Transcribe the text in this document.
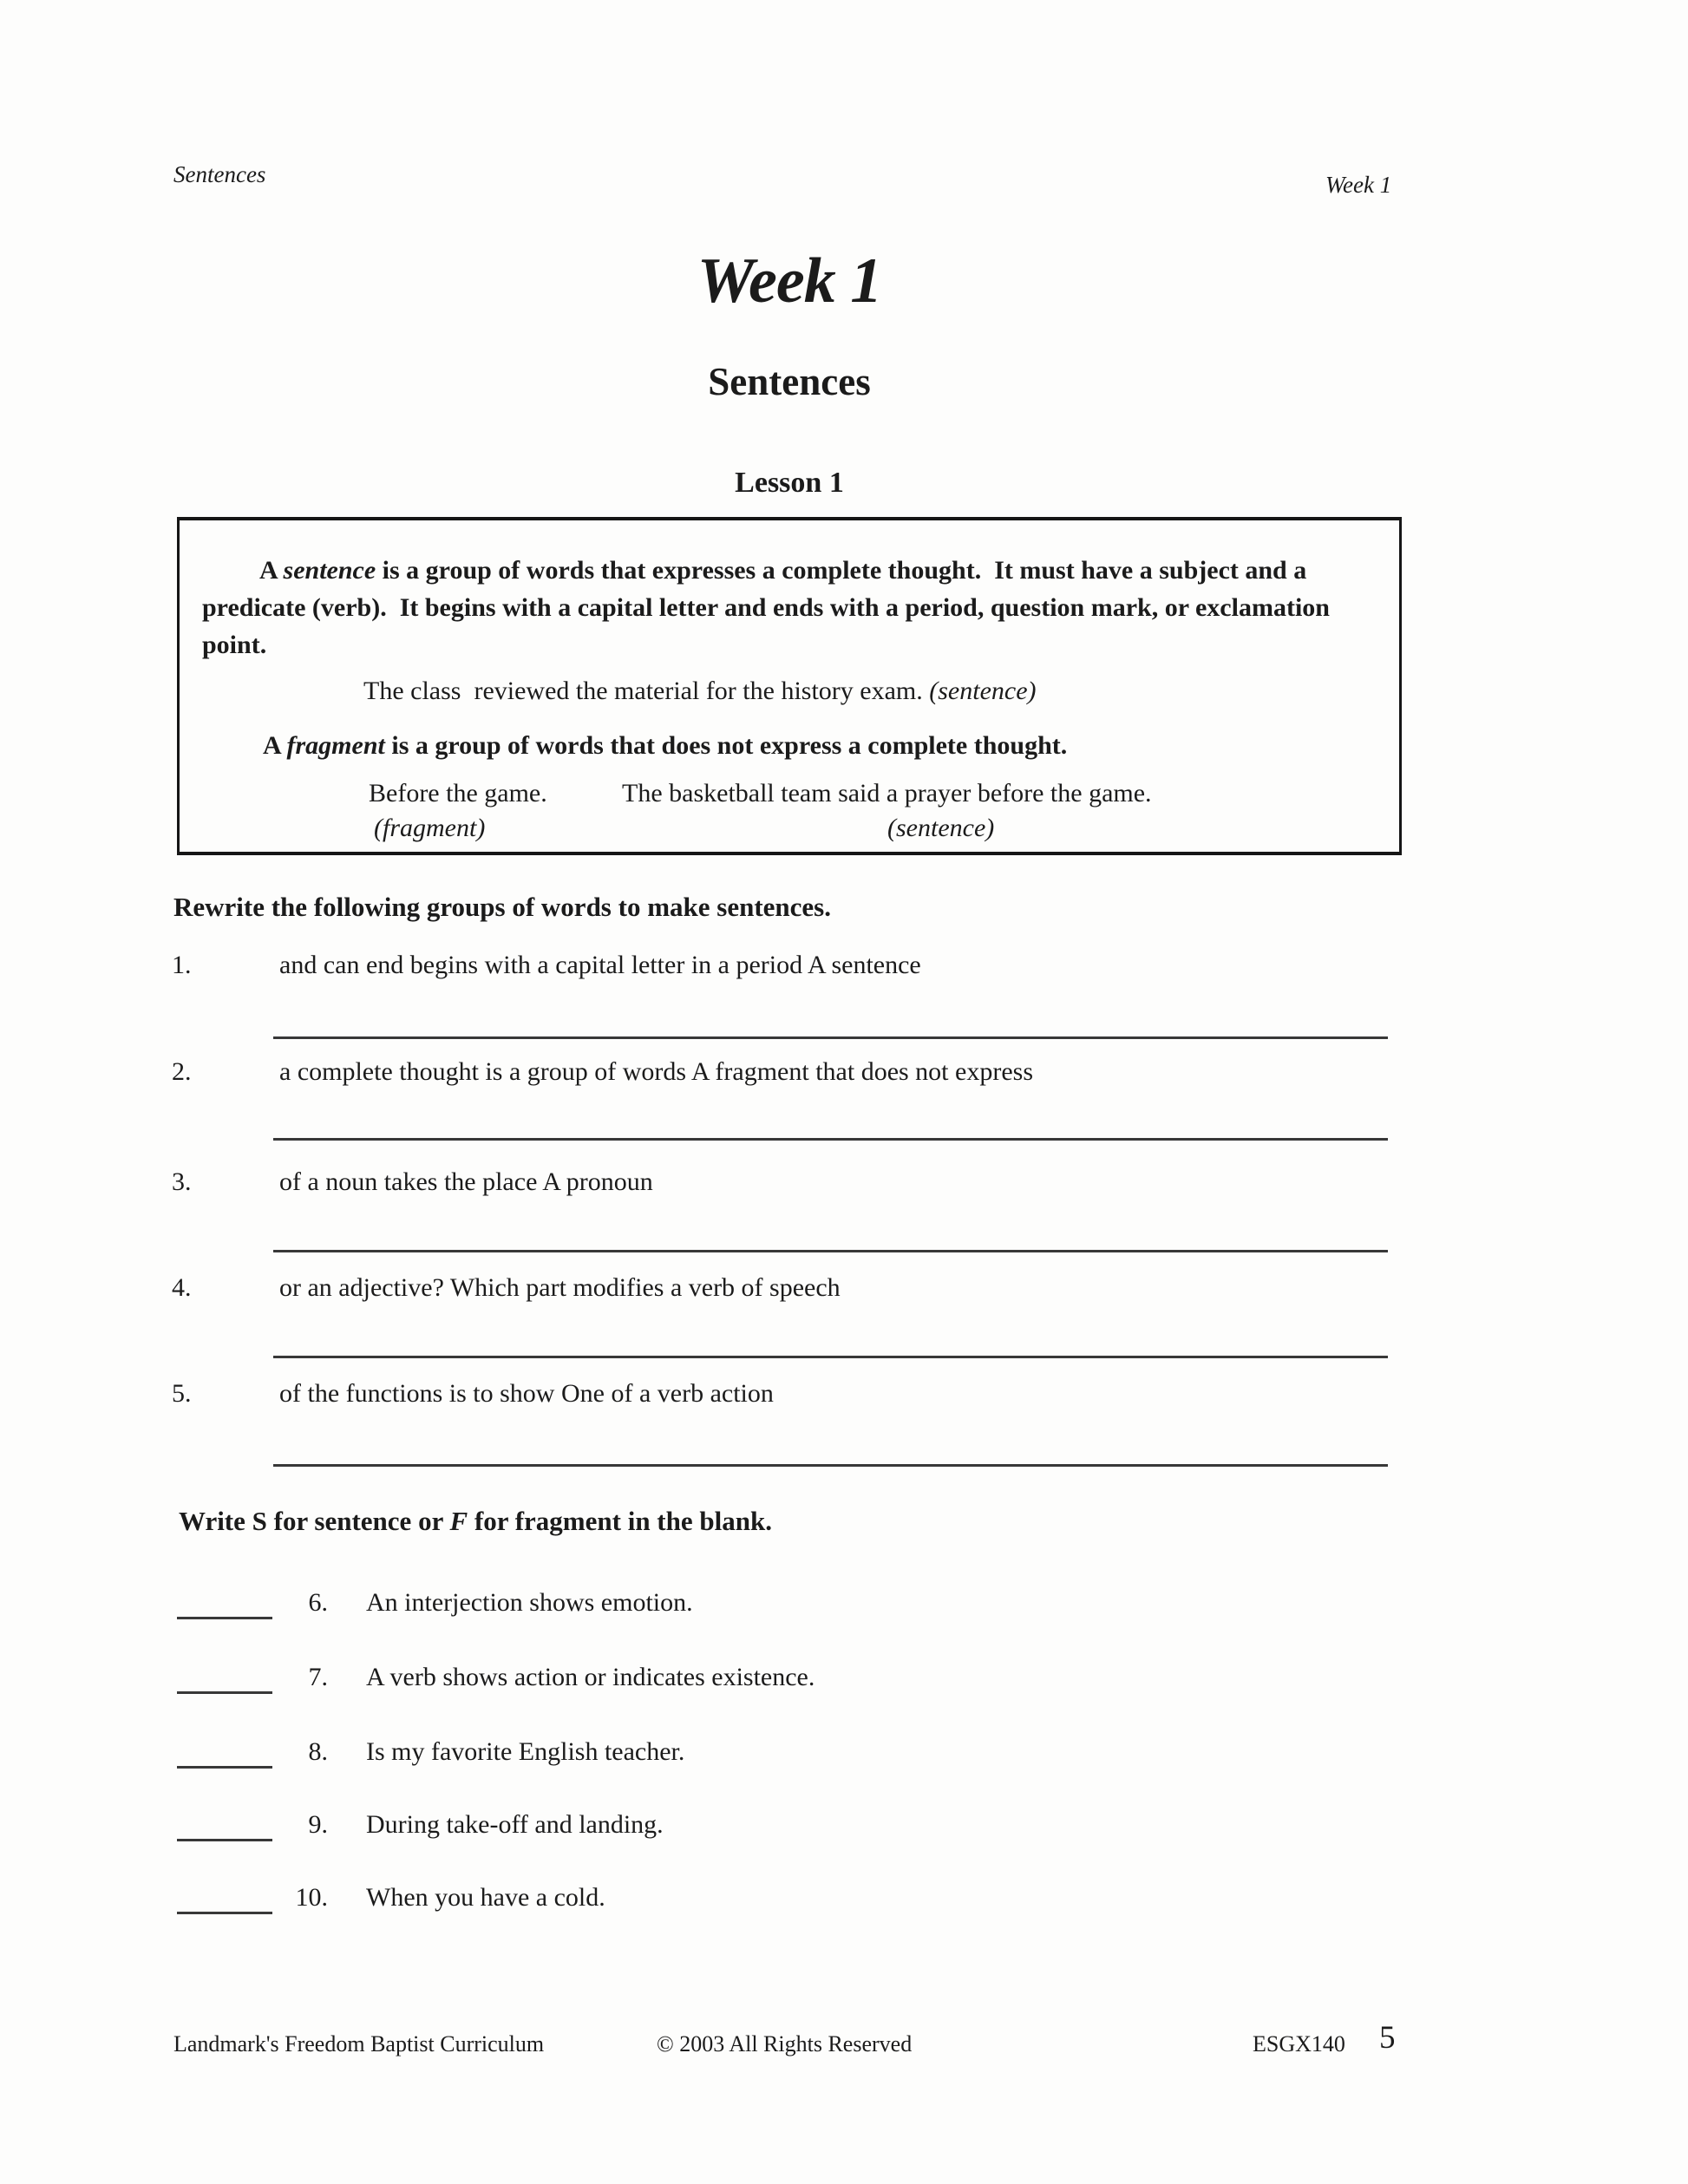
Sentences	Week 1
Week 1
Sentences
Lesson 1

A sentence is a group of words that expresses a complete thought.  It must have a subject and a predicate (verb).  It begins with a capital letter and ends with a period, question mark, or exclamation point.

The class  reviewed the material for the history exam. (sentence)

A fragment is a group of words that does not express a complete thought.

Before the game.	The basketball team said a prayer before the game.
(fragment)	(sentence)
Rewrite the following groups of words to make sentences.
1.	and can end begins with a capital letter in a period A sentence
2.	a complete thought is a group of words A fragment that does not express
3.	of a noun takes the place A pronoun
4.	or an adjective? Which part modifies a verb of speech
5.	of the functions is to show One of a verb action
Write S for sentence or F for fragment in the blank.
6. An interjection shows emotion.
7. A verb shows action or indicates existence.
8. Is my favorite English teacher.
9. During take-off and landing.
10. When you have a cold.
Landmark's Freedom Baptist Curriculum	© 2003 All Rights Reserved	ESGX140 5
